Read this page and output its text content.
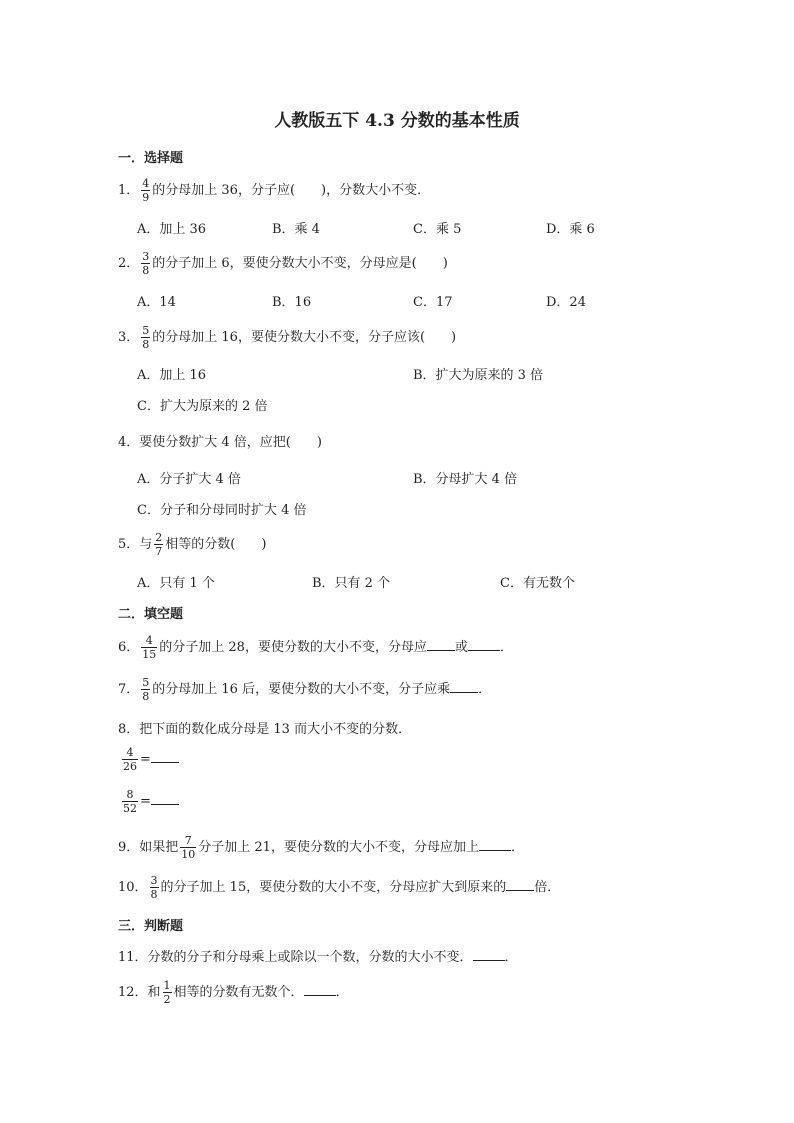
人教版五下 4.3 分数的基本性质
一．选择题
1． $\frac{4}{9}$ 的分母加上 36，分子应(　　)，分数大小不变．
A．加上 36	B．乘 4	C．乘 5	D．乘 6
2． $\frac{3}{8}$ 的分子加上 6，要使分数大小不变，分母应是(　　)
A．14	B．16	C．17	D．24
3． $\frac{5}{8}$ 的分母加上 16，要使分数大小不变，分子应该(　　)
A．加上 16	B．扩大为原来的 3 倍
C．扩大为原来的 2 倍
4．要使分数扩大 4 倍，应把(　　)
A．分子扩大 4 倍	B．分母扩大 4 倍
C．分子和分母同时扩大 4 倍
5．与 $\frac{2}{7}$ 相等的分数(　　)
A．只有 1 个	B．只有 2 个	C．有无数个
二．填空题
6． $\frac{4}{15}$ 的分子加上 28，要使分数的大小不变，分母应 或 ．
7． $\frac{5}{8}$ 的分母加上 16 后，要使分数的大小不变，分子应乘 ．
8．把下面的数化成分母是 13 而大小不变的分数．
$\frac{4}{26}$ =
$\frac{8}{52}$ =
9．如果把 $\frac{7}{10}$ 分子加上 21，要使分数的大小不变，分母应加上 ．
10． $\frac{3}{8}$ 的分子加上 15，要使分数的大小不变，分母应扩大到原来的 倍．
三．判断题
11．分数的分子和分母乘上或除以一个数，分数的大小不变． ．
12．和 $\frac{1}{2}$ 相等的分数有无数个． ．
